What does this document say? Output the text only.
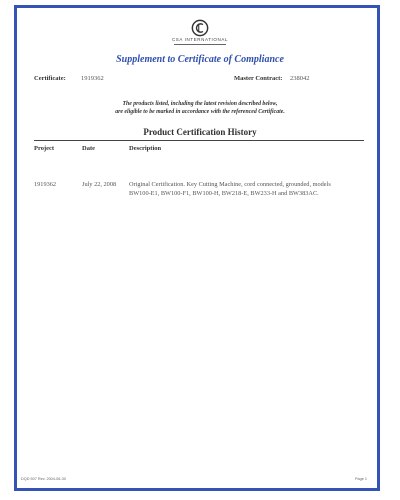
CSA INTERNATIONAL
Supplement to Certificate of Compliance
Certificate: 1919362	Master Contract: 238042
The products listed, including the latest revision described below,
are eligible to be marked in accordance with the referenced Certificate.
Product Certification History
Project	Date	Description
1919362	July 22, 2008 Original Certification. Key Cutting Machine, cord connected, grounded, models
BW100-E1, BW100-F1, BW100-H, BW218-E, BW233-H and BW383AC.
DQD 507 Rev. 2004-06-30	Page 1
